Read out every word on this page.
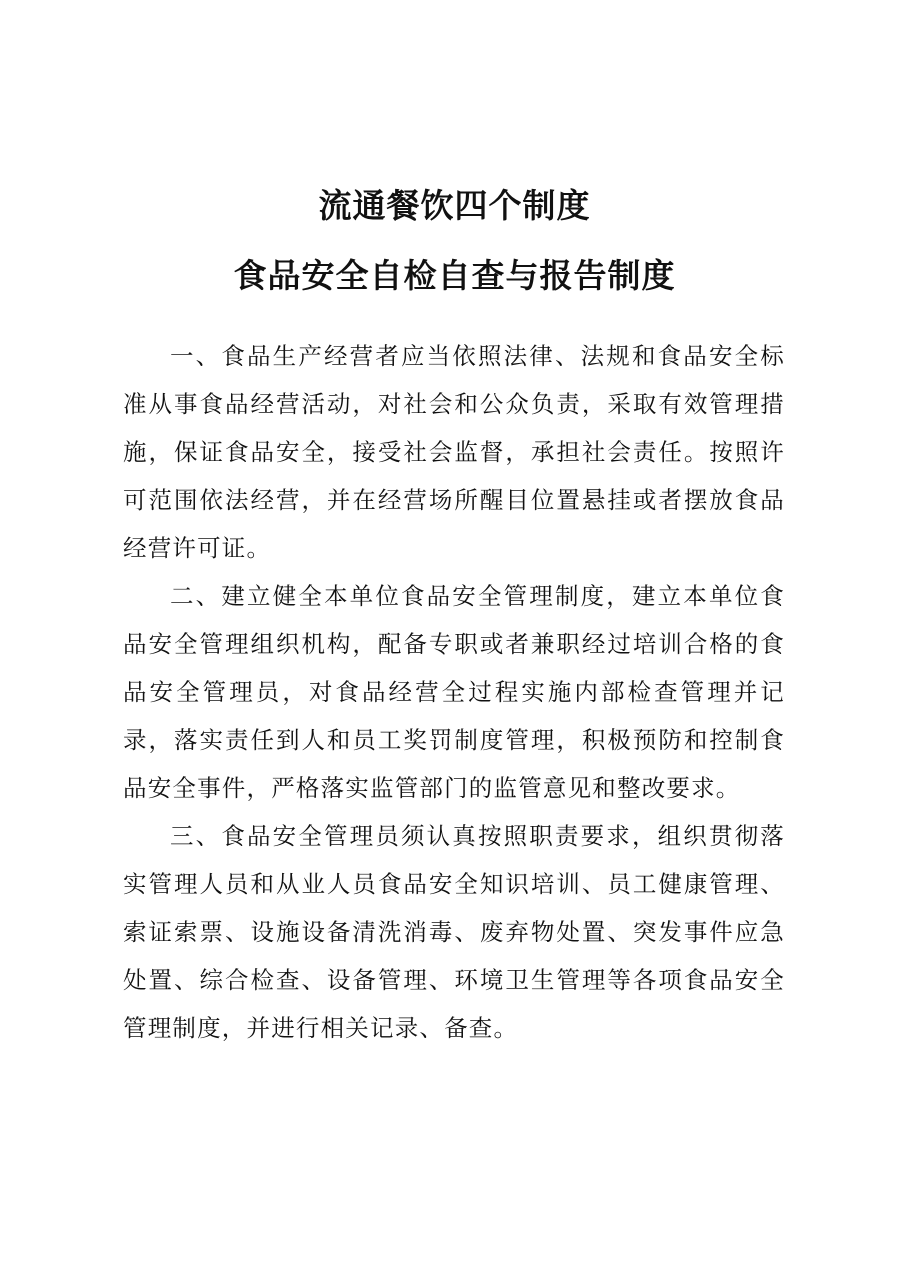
流通餐饮四个制度
食品安全自检自查与报告制度

一、食品生产经营者应当依照法律、法规和食品安全标准从事食品经营活动，对社会和公众负责，采取有效管理措施，保证食品安全，接受社会监督，承担社会责任。按照许可范围依法经营，并在经营场所醒目位置悬挂或者摆放食品经营许可证。

二、建立健全本单位食品安全管理制度，建立本单位食品安全管理组织机构，配备专职或者兼职经过培训合格的食品安全管理员，对食品经营全过程实施内部检查管理并记录，落实责任到人和员工奖罚制度管理，积极预防和控制食品安全事件，严格落实监管部门的监管意见和整改要求。

三、食品安全管理员须认真按照职责要求，组织贯彻落实管理人员和从业人员食品安全知识培训、员工健康管理、索证索票、设施设备清洗消毒、废弃物处置、突发事件应急处置、综合检查、设备管理、环境卫生管理等各项食品安全管理制度，并进行相关记录、备查。
